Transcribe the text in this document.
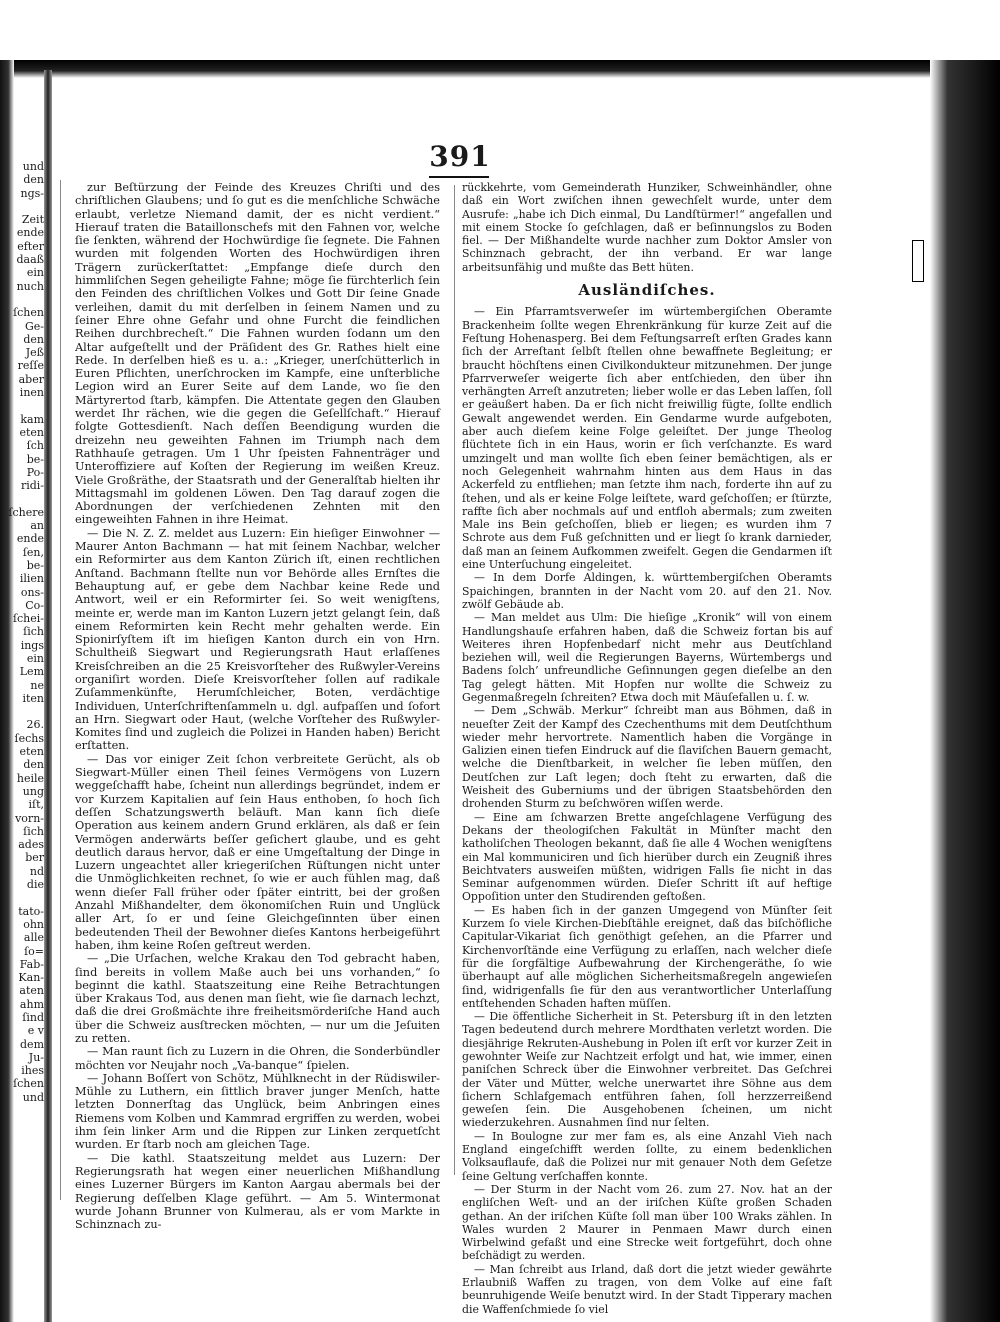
und
den
ngs-
Zeit
ende
efter
daaß
ein
nuch
ſchen
Ge-
den
Jeß
reſſe
aber
inen
kam
eten
ſch
be-
Po-
ridi-
ſchere
an
ende
ſen,
be-
ilien
ons-
Co-
ſchei-
ſich
ings
ein
Lem
ne
iten
26.
ſechs
eten
den
heile
ung
iſt,
vorn-
ſich
ades
ber
nd
die
tato-
ohn
alle
ſo=
Fab-
Kan-
aten
ahm
ſind
e v
dem
Ju-
ihes
ſchen
und
391

zur Beſtürzung der Feinde des Kreuzes Chriſti und des chriſtlichen Glaubens; und ſo gut es die menſchliche Schwäche erlaubt, verletze Niemand damit, der es nicht verdient.“ Hierauf traten die Bataillonschefs mit den Fahnen vor, welche ſie ſenkten, während der Hochwürdige ſie ſegnete. Die Fahnen wurden mit folgenden Worten des Hochwürdigen ihren Trägern zurückerſtattet: „Empfange dieſe durch den himmliſchen Segen geheiligte Fahne; möge ſie fürchterlich ſein den Feinden des chriſtlichen Volkes und Gott Dir ſeine Gnade verleihen, damit du mit derſelben in ſeinem Namen und zu ſeiner Ehre ohne Gefahr und ohne Furcht die feindlichen Reihen durchbrecheſt.“ Die Fahnen wurden ſodann um den Altar aufgeſtellt und der Präſident des Gr. Rathes hielt eine Rede. In derſelben hieß es u. a.: „Krieger, unerſchütterlich in Euren Pflichten, unerſchrocken im Kampfe, eine unſterbliche Legion wird an Eurer Seite auf dem Lande, wo ſie den Märtyrertod ſtarb, kämpfen. Die Attentate gegen den Glauben werdet Ihr rächen, wie die gegen die Geſellſchaft.“ Hierauf folgte Gottesdienſt. Nach deſſen Beendigung wurden die dreizehn neu geweihten Fahnen im Triumph nach dem Rathhauſe getragen. Um 1 Uhr ſpeisten Fahnenträger und Unteroffiziere auf Koſten der Regierung im weißen Kreuz. Viele Großräthe, der Staatsrath und der Generalſtab hielten ihr Mittagsmahl im goldenen Löwen. Den Tag darauf zogen die Abordnungen der verſchiedenen Zehnten mit den eingeweihten Fahnen in ihre Heimat.

— Die N. Z. Z. meldet aus Luzern: Ein hieſiger Einwohner — Maurer Anton Bachmann — hat mit ſeinem Nachbar, welcher ein Reformirter aus dem Kanton Zürich iſt, einen rechtlichen Anſtand. Bachmann ſtellte nun vor Behörde alles Ernſtes die Behauptung auf, er gebe dem Nachbar keine Rede und Antwort, weil er ein Reformirter ſei. So weit wenigſtens, meinte er, werde man im Kanton Luzern jetzt gelangt ſein, daß einem Reformirten kein Recht mehr gehalten werde. Ein Spionirſyſtem iſt im hieſigen Kanton durch ein von Hrn. Schultheiß Siegwart und Regierungsrath Haut erlaſſenes Kreisſchreiben an die 25 Kreisvorſteher des Rußwyler-Vereins organiſirt worden. Dieſe Kreisvorſteher ſollen auf radikale Zuſammenkünfte, Herumſchleicher, Boten, verdächtige Individuen, Unterſchriftenſammeln u. dgl. aufpaſſen und ſofort an Hrn. Siegwart oder Haut, (welche Vorſteher des Rußwyler-Komites ſind und zugleich die Polizei in Handen haben) Bericht erſtatten.

— Das vor einiger Zeit ſchon verbreitete Gerücht, als ob Siegwart-Müller einen Theil ſeines Vermögens von Luzern weggeſchafft habe, ſcheint nun allerdings begründet, indem er vor Kurzem Kapitalien auf ſein Haus enthoben, ſo hoch ſich deſſen Schatzungswerth beläuft. Man kann ſich dieſe Operation aus keinem andern Grund erklären, als daß er ſein Vermögen anderwärts beſſer geſichert glaube, und es geht deutlich daraus hervor, daß er eine Umgeſtaltung der Dinge in Luzern ungeachtet aller kriegeriſchen Rüſtungen nicht unter die Unmöglichkeiten rechnet, ſo wie er auch fühlen mag, daß wenn dieſer Fall früher oder ſpäter eintritt, bei der großen Anzahl Mißhandelter, dem ökonomiſchen Ruin und Unglück aller Art, ſo er und ſeine Gleichgeſinnten über einen bedeutenden Theil der Bewohner dieſes Kantons herbeigeführt haben, ihm keine Roſen geſtreut werden.

— „Die Urſachen, welche Krakau den Tod gebracht haben, ſind bereits in vollem Maße auch bei uns vorhanden,“ ſo beginnt die kathl. Staatszeitung eine Reihe Betrachtungen über Krakaus Tod, aus denen man ſieht, wie ſie darnach lechzt, daß die drei Großmächte ihre freiheitsmörderiſche Hand auch über die Schweiz ausſtrecken möchten, — nur um die Jeſuiten zu retten.

— Man raunt ſich zu Luzern in die Ohren, die Sonderbündler möchten vor Neujahr noch „Va-banque“ ſpielen.

— Johann Boſſert von Schötz, Mühlknecht in der Rüdiswiler-Mühle zu Luthern, ein ſittlich braver junger Menſch, hatte letzten Donnerſtag das Unglück, beim Anbringen eines Riemens vom Kolben und Kammrad ergriffen zu werden, wobei ihm ſein linker Arm und die Rippen zur Linken zerquetſcht wurden. Er ſtarb noch am gleichen Tage.

— Die kathl. Staatszeitung meldet aus Luzern: Der Regierungsrath hat wegen einer neuerlichen Mißhandlung eines Luzerner Bürgers im Kanton Aargau abermals bei der Regierung deſſelben Klage geführt. — Am 5. Wintermonat wurde Johann Brunner von Kulmerau, als er vom Markte in Schinznach zu-

rückkehrte, vom Gemeinderath Hunziker, Schweinhändler, ohne daß ein Wort zwiſchen ihnen gewechſelt wurde, unter dem Ausrufe: „habe ich Dich einmal, Du Landſtürmer!“ angefallen und mit einem Stocke ſo geſchlagen, daß er beſinnungslos zu Boden fiel. — Der Mißhandelte wurde nachher zum Doktor Amsler von Schinznach gebracht, der ihn verband. Er war lange arbeitsunfähig und mußte das Bett hüten.

Ausländiſches.

— Ein Pfarramtsverweſer im würtembergiſchen Oberamte Brackenheim ſollte wegen Ehrenkränkung für kurze Zeit auf die Feſtung Hohenasperg. Bei dem Feſtungsarreſt erſten Grades kann ſich der Arreſtant ſelbſt ſtellen ohne bewaffnete Begleitung; er braucht höchſtens einen Civilkondukteur mitzunehmen. Der junge Pfarrverweſer weigerte ſich aber entſchieden, den über ihn verhängten Arreſt anzutreten; lieber wolle er das Leben laſſen, ſoll er geäußert haben. Da er ſich nicht freiwillig fügte, ſollte endlich Gewalt angewendet werden. Ein Gendarme wurde aufgeboten, aber auch dieſem keine Folge geleiſtet. Der junge Theolog flüchtete ſich in ein Haus, worin er ſich verſchanzte. Es ward umzingelt und man wollte ſich eben ſeiner bemächtigen, als er noch Gelegenheit wahrnahm hinten aus dem Haus in das Ackerfeld zu entfliehen; man ſetzte ihm nach, forderte ihn auf zu ſtehen, und als er keine Folge leiſtete, ward geſchoſſen; er ſtürzte, raffte ſich aber nochmals auf und entfloh abermals; zum zweiten Male ins Bein geſchoſſen, blieb er liegen; es wurden ihm 7 Schrote aus dem Fuß geſchnitten und er liegt ſo krank darnieder, daß man an ſeinem Aufkommen zweifelt. Gegen die Gendarmen iſt eine Unterſuchung eingeleitet.

— In dem Dorfe Aldingen, k. württembergiſchen Oberamts Spaichingen, brannten in der Nacht vom 20. auf den 21. Nov. zwölf Gebäude ab.

— Man meldet aus Ulm: Die hieſige „Kronik“ will von einem Handlungshauſe erfahren haben, daß die Schweiz fortan bis auf Weiteres ihren Hopfenbedarf nicht mehr aus Deutſchland beziehen will, weil die Regierungen Bayerns, Würtembergs und Badens ſolch’ unfreundliche Geſinnungen gegen dieſelbe an den Tag gelegt hätten. Mit Hopfen nur wollte die Schweiz zu Gegenmaßregeln ſchreiten? Etwa doch mit Mäuſefallen u. ſ. w.

— Dem „Schwäb. Merkur“ ſchreibt man aus Böhmen, daß in neueſter Zeit der Kampf des Czechenthums mit dem Deutſchthum wieder mehr hervortrete. Namentlich haben die Vorgänge in Galizien einen tiefen Eindruck auf die ſlaviſchen Bauern gemacht, welche die Dienſtbarkeit, in welcher ſie leben müſſen, den Deutſchen zur Laſt legen; doch ſteht zu erwarten, daß die Weisheit des Guberniums und der übrigen Staatsbehörden den drohenden Sturm zu beſchwören wiſſen werde.

— Eine am ſchwarzen Brette angeſchlagene Verfügung des Dekans der theologiſchen Fakultät in Münſter macht den katholiſchen Theologen bekannt, daß ſie alle 4 Wochen wenigſtens ein Mal kommuniciren und ſich hierüber durch ein Zeugniß ihres Beichtvaters ausweiſen müßten, widrigen Falls ſie nicht in das Seminar aufgenommen würden. Dieſer Schritt iſt auf heftige Oppoſition unter den Studirenden geſtoßen.

— Es haben ſich in der ganzen Umgegend von Münſter ſeit Kurzem ſo viele Kirchen-Diebſtähle ereignet, daß das biſchöfliche Capitular-Vikariat ſich genöthigt geſehen, an die Pfarrer und Kirchenvorſtände eine Verfügung zu erlaſſen, nach welcher dieſe für die ſorgfältige Aufbewahrung der Kirchengeräthe, ſo wie überhaupt auf alle möglichen Sicherheitsmaßregeln angewieſen ſind, widrigenfalls ſie für den aus verantwortlicher Unterlaſſung entſtehenden Schaden haften müſſen.

— Die öffentliche Sicherheit in St. Petersburg iſt in den letzten Tagen bedeutend durch mehrere Mordthaten verletzt worden. Die diesjährige Rekruten-Aushebung in Polen iſt erſt vor kurzer Zeit in gewohnter Weiſe zur Nachtzeit erfolgt und hat, wie immer, einen paniſchen Schreck über die Einwohner verbreitet. Das Geſchrei der Väter und Mütter, welche unerwartet ihre Söhne aus dem ſichern Schlafgemach entführen ſahen, ſoll herzzerreißend geweſen ſein. Die Ausgehobenen ſcheinen, um nicht wiederzukehren. Ausnahmen ſind nur ſelten.

— In Boulogne zur mer fam es, als eine Anzahl Vieh nach England eingeſchifft werden ſollte, zu einem bedenklichen Volksauflaufe, daß die Polizei nur mit genauer Noth dem Geſetze ſeine Geltung verſchaffen konnte.

— Der Sturm in der Nacht vom 26. zum 27. Nov. hat an der engliſchen Weſt- und an der iriſchen Küſte großen Schaden gethan. An der iriſchen Küſte ſoll man über 100 Wraks zählen. In Wales wurden 2 Maurer in Penmaen Mawr durch einen Wirbelwind gefaßt und eine Strecke weit fortgeführt, doch ohne beſchädigt zu werden.

— Man ſchreibt aus Irland, daß dort die jetzt wieder gewährte Erlaubniß Waffen zu tragen, von dem Volke auf eine faſt beunruhigende Weiſe benutzt wird. In der Stadt Tipperary machen die Waffenſchmiede ſo viel
